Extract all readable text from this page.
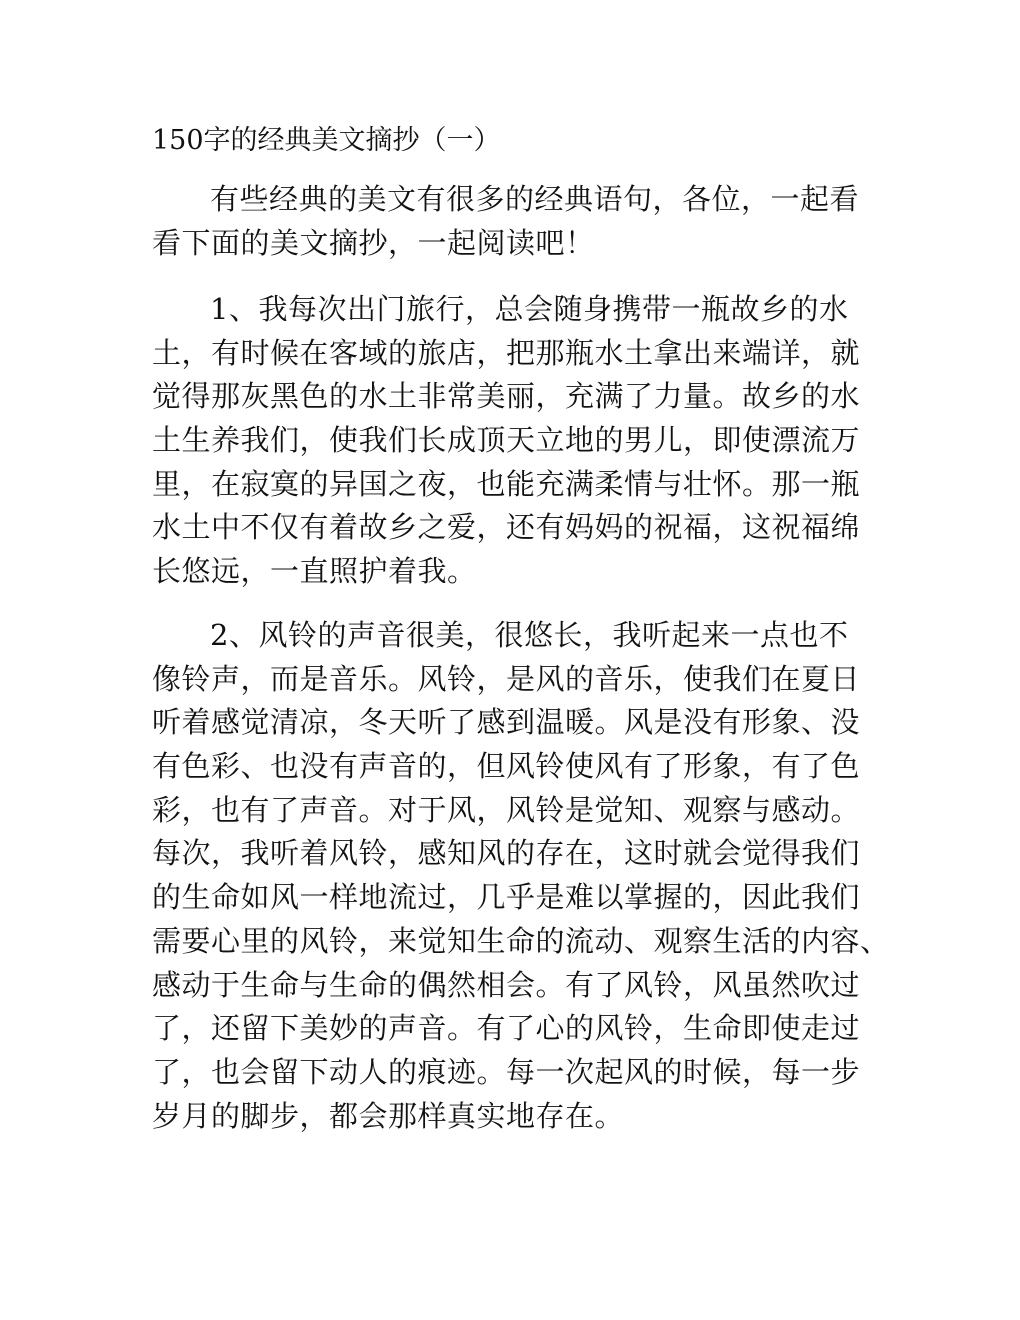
150字的经典美文摘抄（一）
有些经典的美文有很多的经典语句，各位，一起看
看下面的美文摘抄，一起阅读吧！
1、我每次出门旅行，总会随身携带一瓶故乡的水
土，有时候在客域的旅店，把那瓶水土拿出来端详，就
觉得那灰黑色的水土非常美丽，充满了力量。故乡的水
土生养我们，使我们长成顶天立地的男儿，即使漂流万
里，在寂寞的异国之夜，也能充满柔情与壮怀。那一瓶
水土中不仅有着故乡之爱，还有妈妈的祝福，这祝福绵
长悠远，一直照护着我。
2、风铃的声音很美，很悠长，我听起来一点也不
像铃声，而是音乐。风铃，是风的音乐，使我们在夏日
听着感觉清凉，冬天听了感到温暖。风是没有形象、没
有色彩、也没有声音的，但风铃使风有了形象，有了色
彩，也有了声音。对于风，风铃是觉知、观察与感动。
每次，我听着风铃，感知风的存在，这时就会觉得我们
的生命如风一样地流过，几乎是难以掌握的，因此我们
需要心里的风铃，来觉知生命的流动、观察生活的内容、
感动于生命与生命的偶然相会。有了风铃，风虽然吹过
了，还留下美妙的声音。有了心的风铃，生命即使走过
了，也会留下动人的痕迹。每一次起风的时候，每一步
岁月的脚步，都会那样真实地存在。
